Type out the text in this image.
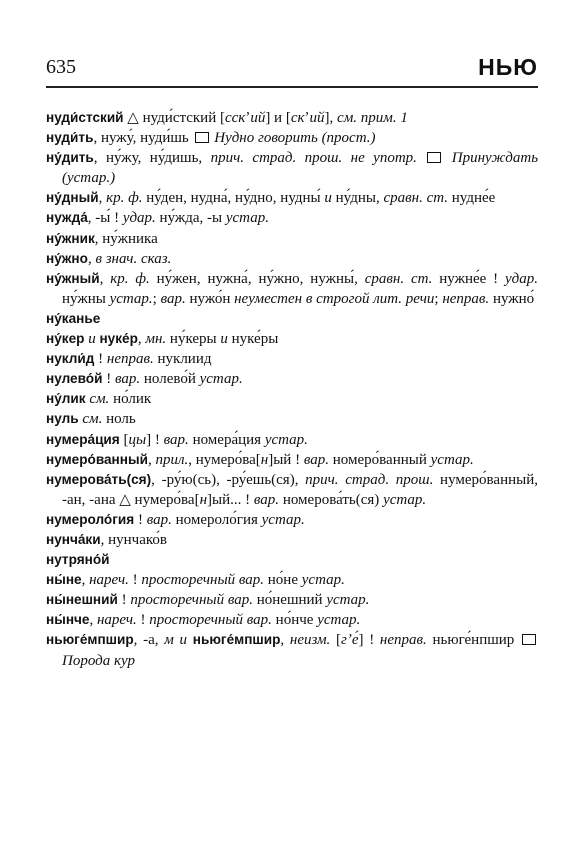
635	НЬЮ

нуди́стский △ нуди́стский [сскʼий] и [скʼий], см. прим. 1

нуди́ть, нужу́, нуди́шь  Нудно говорить (прост.)

ну́дить, ну́жу, ну́дишь, прич. страд. прош. не употр.  Принуждать (устар.)

ну́дный, кр. ф. ну́ден, нудна́, ну́дно, нудны́ и ну́дны, сравн. ст. нудне́е

нужда́, -ы́ ! удар. ну́жда, -ы устар.

ну́жник, ну́жника

ну́жно, в знач. сказ.

ну́жный, кр. ф. ну́жен, нужна́, ну́жно, нужны́, сравн. ст. нужне́е ! удар. ну́жны устар.; вар. нужо́н неуместен в строгой лит. речи; неправ. нужно́

ну́канье

ну́кер и нуке́р, мн. ну́керы и нуке́ры

нукли́д ! неправ. нуклиид

нулево́й ! вар. нолево́й устар.

ну́лик см. но́лик

нуль см. ноль

нумера́ция [цы] ! вар. номера́ция устар.

нумеро́ванный, прил., нумеро́ва[н]ый ! вар. номеро́ванный устар.

нумерова́ть(ся), -ру́ю(сь), -ру́ешь(ся), прич. страд. прош. нумеро́ванный, -ан, -ана △ нумеро́ва[н]ый... ! вар. номерова́ть(ся) устар.

нумероло́гия ! вар. номероло́гия устар.

нунча́ки, нунчако́в

нутряно́й

ны́не, нареч. ! просторечный вар. но́не устар.

ны́нешний ! просторечный вар. но́нешний устар.

ны́нче, нареч. ! просторечный вар. но́нче устар.

ньюге́мпшир, -а, м и ньюге́мпшир, неизм. [гʼе́] ! неправ. ньюге́нпшир  Порода кур
